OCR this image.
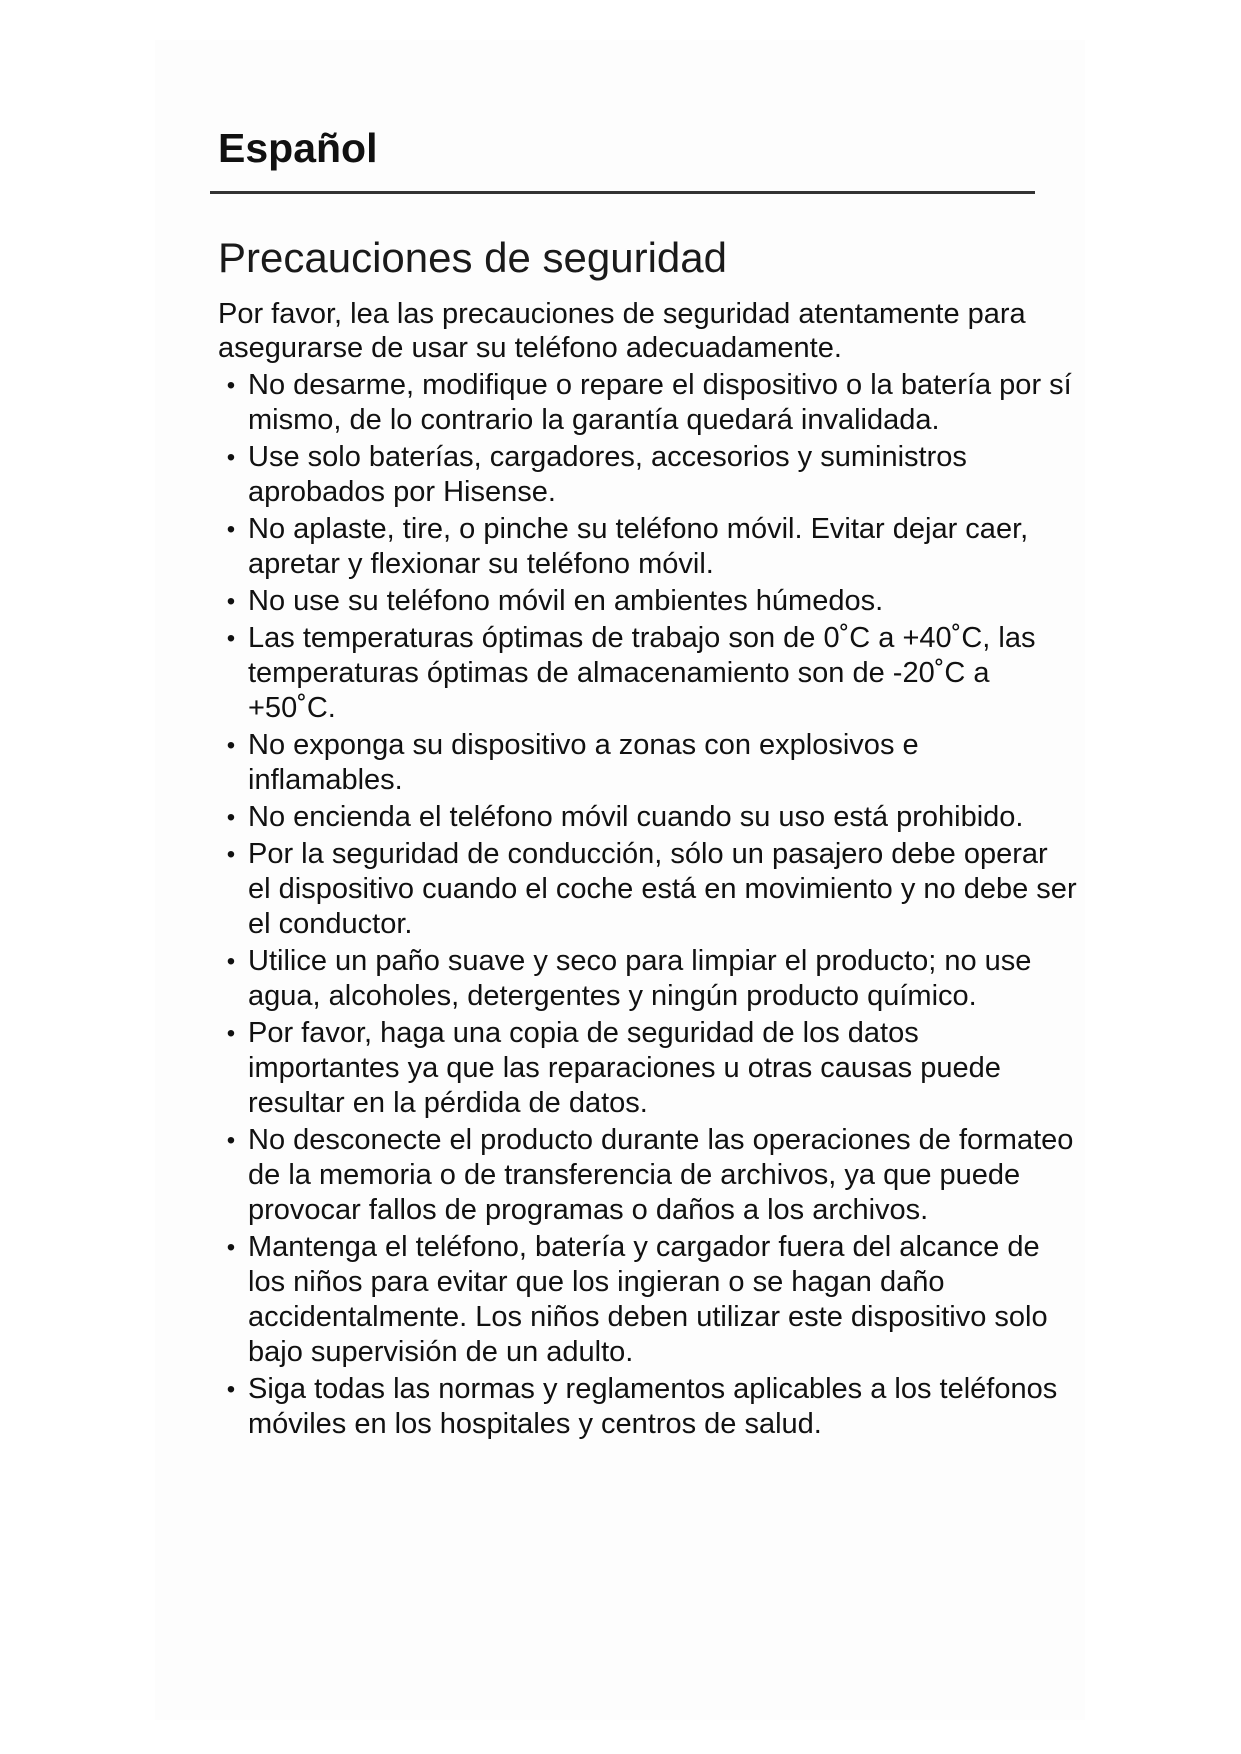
Español
Precauciones de seguridad

Por favor, lea las precauciones de seguridad atentamente para asegurarse de usar su teléfono adecuadamente.

• No desarme, modifique o repare el dispositivo o la batería por sí mismo, de lo contrario la garantía quedará invalidada.
• Use solo baterías, cargadores, accesorios y suministros aprobados por Hisense.
• No aplaste, tire, o pinche su teléfono móvil. Evitar dejar caer, apretar y flexionar su teléfono móvil.
• No use su teléfono móvil en ambientes húmedos.
• Las temperaturas óptimas de trabajo son de 0˚C a +40˚C, las temperaturas óptimas de almacenamiento son de -20˚C a +50˚C.
• No exponga su dispositivo a zonas con explosivos e inflamables.
• No encienda el teléfono móvil cuando su uso está prohibido.
• Por la seguridad de conducción, sólo un pasajero debe operar el dispositivo cuando el coche está en movimiento y no debe ser el conductor.
• Utilice un paño suave y seco para limpiar el producto; no use agua, alcoholes, detergentes y ningún producto químico.
• Por favor, haga una copia de seguridad de los datos importantes ya que las reparaciones u otras causas puede resultar en la pérdida de datos.
• No desconecte el producto durante las operaciones de formateo de la memoria o de transferencia de archivos, ya que puede provocar fallos de programas o daños a los archivos.
• Mantenga el teléfono, batería y cargador fuera del alcance de los niños para evitar que los ingieran o se hagan daño accidentalmente. Los niños deben utilizar este dispositivo solo bajo supervisión de un adulto.
• Siga todas las normas y reglamentos aplicables a los teléfonos móviles en los hospitales y centros de salud.
